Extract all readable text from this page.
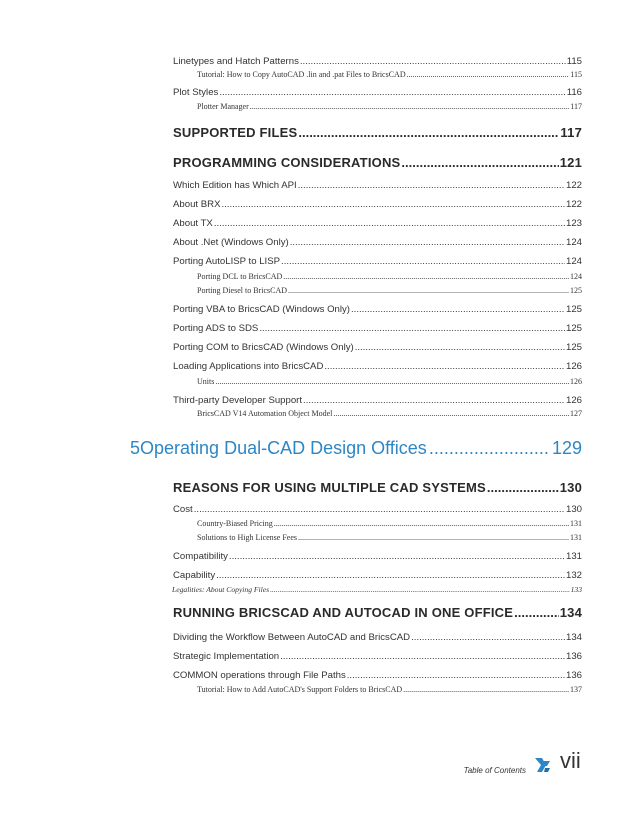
Linetypes and Hatch Patterns .....	115
Tutorial: How to Copy AutoCAD .lin and .pat Files to BricsCAD .....	115
Plot Styles .....	116
Plotter Manager .....	117
SUPPORTED FILES .....	117
PROGRAMMING CONSIDERATIONS .....	121
Which Edition has Which API .....	122
About BRX .....	122
About TX .....	123
About .Net (Windows Only) .....	124
Porting AutoLISP to LISP .....	124
Porting DCL to BricsCAD .....	124
Porting Diesel to BricsCAD .....	125
Porting VBA to BricsCAD (Windows Only) .....	125
Porting ADS to SDS .....	125
Porting COM to BricsCAD (Windows Only) .....	125
Loading Applications into BricsCAD .....	126
Units .....	126
Third-party Developer Support .....	126
BricsCAD V14 Automation Object Model .....	127
5 Operating Dual-CAD Design Offices .....	129
REASONS FOR USING MULTIPLE CAD SYSTEMS .....	130
Cost .....	130
Country-Biased Pricing .....	131
Solutions to High License Fees .....	131
Compatibility .....	131
Capability .....	132
Legalities: About Copying Files .....	133
RUNNING BRICSCAD AND AUTOCAD IN ONE OFFICE .....	134
Dividing the Workflow Between AutoCAD and BricsCAD .....	134
Strategic Implementation .....	136
COMMON operations through File Paths .....	136
Tutorial: How to Add AutoCAD's Support Folders to BricsCAD .....	137
Table of Contents vii
